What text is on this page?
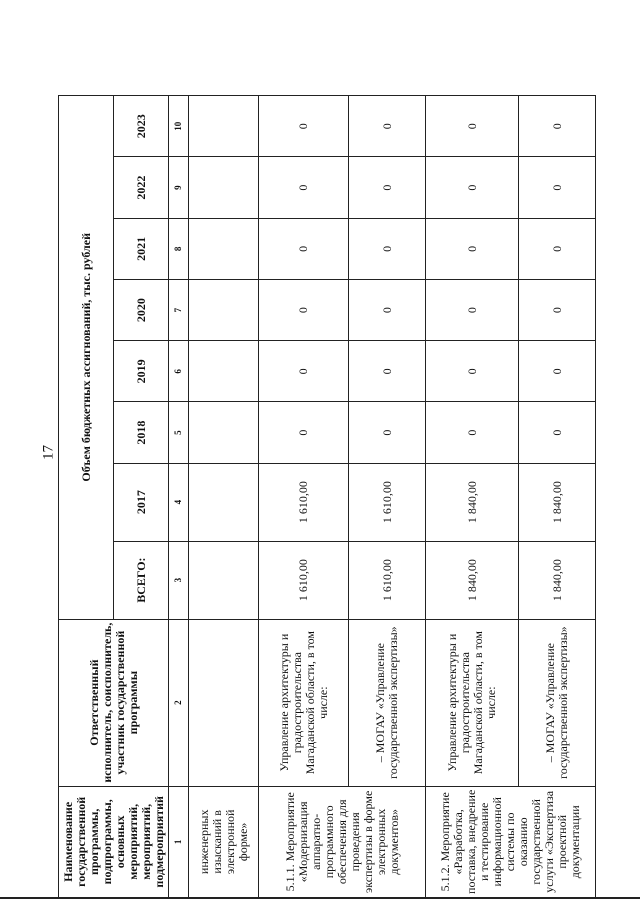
17
Наименование государственной программы, подпрограммы, основных мероприятий, мероприятий, подмероприятий	Ответственный исполнитель, соисполнитель, участник государственной программы	Объем бюджетных ассигнований, тыс. рублей							
		ВСЕГО:	2017	2018	2019	2020	2021	2022	2023
1	2	3	4	5	6	7	8	9	10
инженерных изысканий в электронной форме»									
5.1.1. Мероприятие «Модернизация аппаратно-программного обеспечения для проведения экспертизы в форме электронных документов»	Управление архитектуры и градостроительства Магаданской области, в том числе:	1 610,00	1 610,00	0	0	0	0	0	0
	– МОГАУ «Управление государственной экспертизы»	1 610,00	1 610,00	0	0	0	0	0	0
5.1.2. Мероприятие «Разработка, поставка, внедрение и тестирование информационной системы по оказанию государственной услуги «Экспертиза проектной документации	Управление архитектуры и градостроительства Магаданской области, в том числе:	1 840,00	1 840,00	0	0	0	0	0	0
	– МОГАУ «Управление государственной экспертизы»	1 840,00	1 840,00	0	0	0	0	0	0
